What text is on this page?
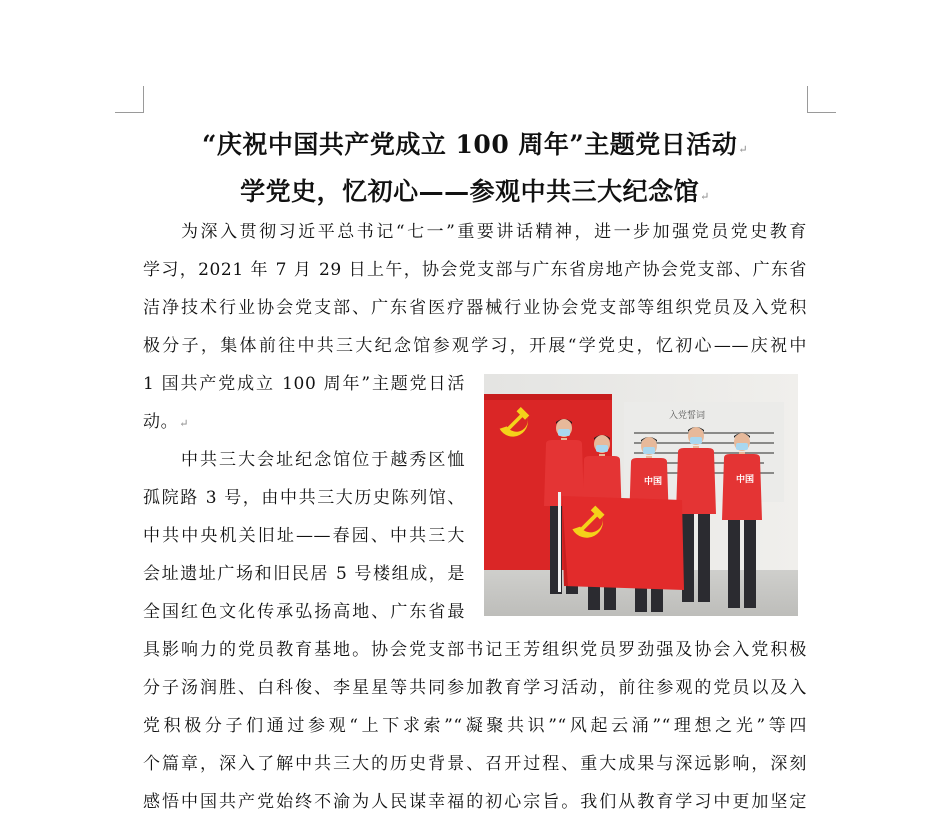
“庆祝中国共产党成立 100 周年”主题党日活动↵
学党史，忆初心——参观中共三大纪念馆↵
为深入贯彻习近平总书记“七一”重要讲话精神，进一步加强党员党史教育
学习，2021 年 7 月 29 日上午，协会党支部与广东省房地产协会党支部、广东省
洁净技术行业协会党支部、广东省医疗器械行业协会党支部等组织党员及入党积
极分子，集体前往中共三大纪念馆参观学习，开展“学党史，忆初心——庆祝中
1 国共产党成立 100 周年”主题党日活
动。↵
中共三大会址纪念馆位于越秀区恤
孤院路 3 号，由中共三大历史陈列馆、
中共中央机关旧址——春园、中共三大
会址遗址广场和旧民居 5 号楼组成，是
全国红色文化传承弘扬高地、广东省最
具影响力的党员教育基地。协会党支部书记王芳组织党员罗劲强及协会入党积极
分子汤润胜、白科俊、李星星等共同参加教育学习活动，前往参观的党员以及入
党积极分子们通过参观“上下求索”“凝聚共识”“风起云涌”“理想之光”等四
个篇章，深入了解中共三大的历史背景、召开过程、重大成果与深远影响，深刻
感悟中国共产党始终不渝为人民谋幸福的初心宗旨。我们从教育学习中更加坚定
入党誓词
中国	中国
